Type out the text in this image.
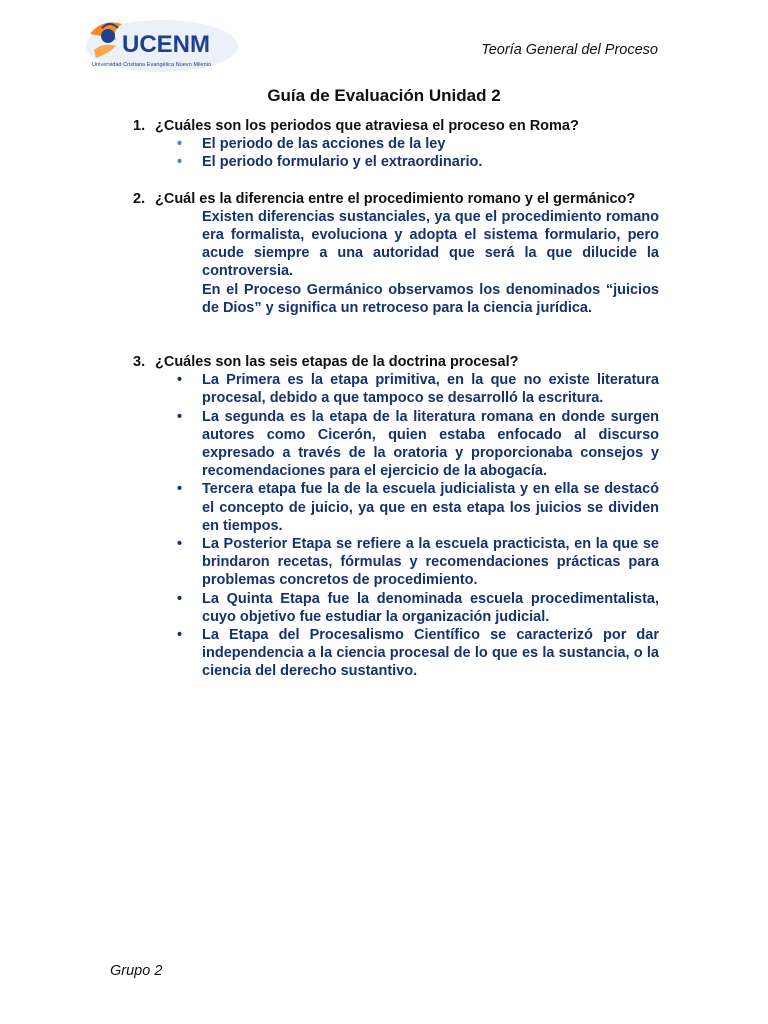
UCENM
Universidad Cristiana Evangélica Nuevo Milenio
Teoría General del Proceso
Guía de Evaluación Unidad 2
1. ¿Cuáles son los periodos que atraviesa el proceso en Roma?
• El periodo de las acciones de la ley
• El periodo formulario y el extraordinario.
2. ¿Cuál es la diferencia entre el procedimiento romano y el germánico?
Existen diferencias sustanciales, ya que el procedimiento romano era formalista, evoluciona y adopta el sistema formulario, pero acude siempre a una autoridad que será la que dilucide la controversia.
En el Proceso Germánico observamos los denominados “juicios de Dios” y significa un retroceso para la ciencia jurídica.
3. ¿Cuáles son las seis etapas de la doctrina procesal?
• La Primera es la etapa primitiva, en la que no existe literatura procesal, debido a que tampoco se desarrolló la escritura.
• La segunda es la etapa de la literatura romana en donde surgen autores como Cicerón, quien estaba enfocado al discurso expresado a través de la oratoria y proporcionaba consejos y recomendaciones para el ejercicio de la abogacía.
• Tercera etapa fue la de la escuela judicialista y en ella se destacó el concepto de juicio, ya que en esta etapa los juicios se dividen en tiempos.
• La Posterior Etapa se refiere a la escuela practicista, en la que se brindaron recetas, fórmulas y recomendaciones prácticas para problemas concretos de procedimiento.
• La Quinta Etapa fue la denominada escuela procedimentalista, cuyo objetivo fue estudiar la organización judicial.
• La Etapa del Procesalismo Científico se caracterizó por dar independencia a la ciencia procesal de lo que es la sustancia, o la ciencia del derecho sustantivo.
Grupo 2
